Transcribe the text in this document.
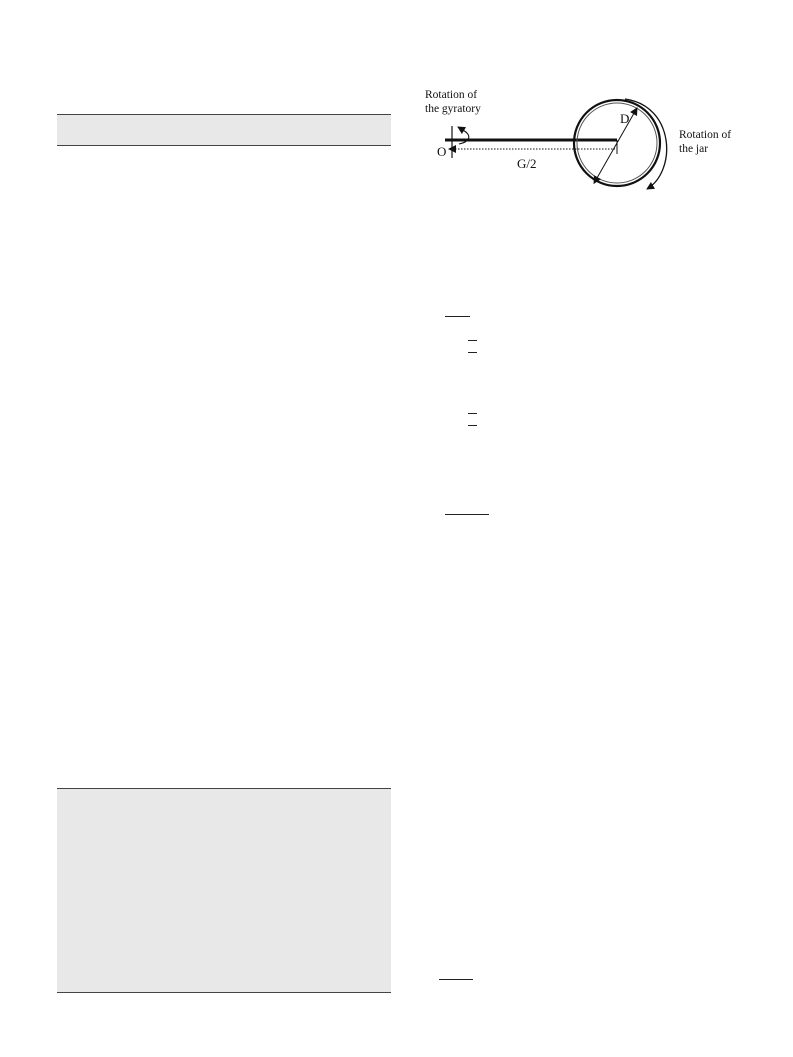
Rotation of
the gyratory
O
G/2
D
Rotation of
the jar
